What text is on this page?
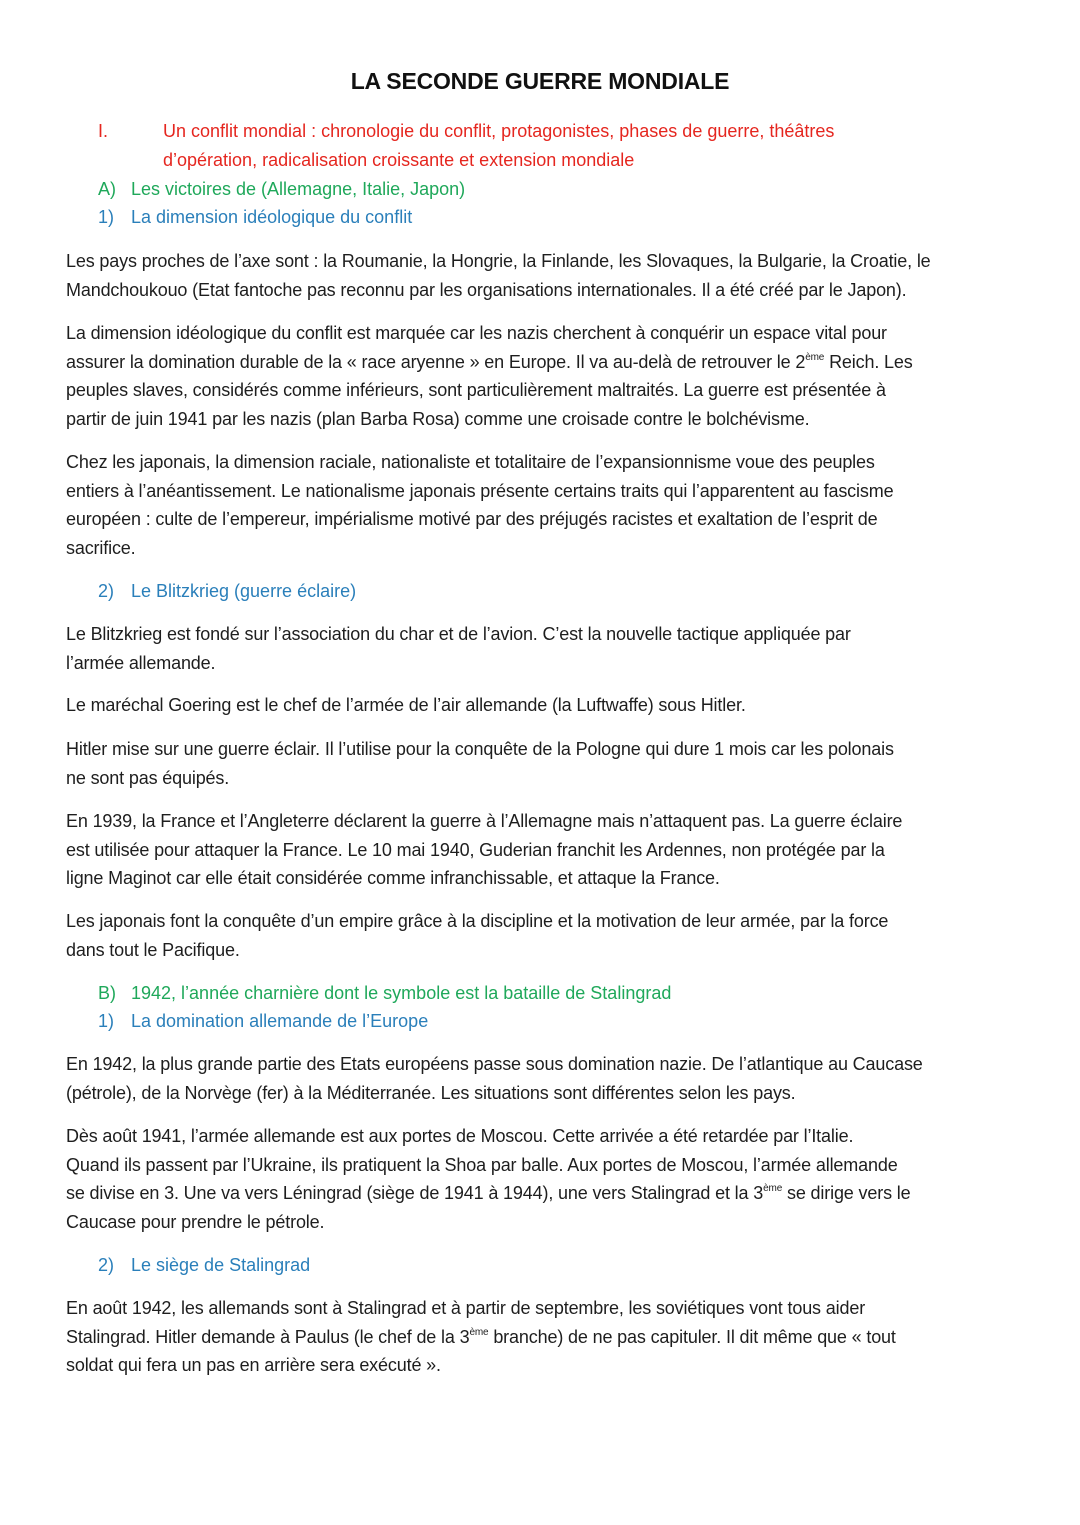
LA SECONDE GUERRE MONDIALE
I.	Un conflit mondial : chronologie du conflit, protagonistes, phases de guerre, théâtres
d’opération, radicalisation croissante et extension mondiale
A) Les victoires de (Allemagne, Italie, Japon)
1) La dimension idéologique du conflit
Les pays proches de l’axe sont : la Roumanie, la Hongrie, la Finlande, les Slovaques, la Bulgarie, la Croatie, le
Mandchoukouo (Etat fantoche pas reconnu par les organisations internationales. Il a été créé par le Japon).
La dimension idéologique du conflit est marquée car les nazis cherchent à conquérir un espace vital pour
assurer la domination durable de la « race aryenne » en Europe. Il va au-delà de retrouver le 2ème Reich. Les
peuples slaves, considérés comme inférieurs, sont particulièrement maltraités. La guerre est présentée à
partir de juin 1941 par les nazis (plan Barba Rosa) comme une croisade contre le bolchévisme.
Chez les japonais, la dimension raciale, nationaliste et totalitaire de l’expansionnisme voue des peuples
entiers à l’anéantissement. Le nationalisme japonais présente certains traits qui l’apparentent au fascisme
européen : culte de l’empereur, impérialisme motivé par des préjugés racistes et exaltation de l’esprit de
sacrifice.
2) Le Blitzkrieg (guerre éclaire)
Le Blitzkrieg est fondé sur l’association du char et de l’avion. C’est la nouvelle tactique appliquée par
l’armée allemande.
Le maréchal Goering est le chef de l’armée de l’air allemande (la Luftwaffe) sous Hitler.
Hitler mise sur une guerre éclair. Il l’utilise pour la conquête de la Pologne qui dure 1 mois car les polonais
ne sont pas équipés.
En 1939, la France et l’Angleterre déclarent la guerre à l’Allemagne mais n’attaquent pas. La guerre éclaire
est utilisée pour attaquer la France. Le 10 mai 1940, Guderian franchit les Ardennes, non protégée par la
ligne Maginot car elle était considérée comme infranchissable, et attaque la France.
Les japonais font la conquête d’un empire grâce à la discipline et la motivation de leur armée, par la force
dans tout le Pacifique.
B) 1942, l’année charnière dont le symbole est la bataille de Stalingrad
1) La domination allemande de l’Europe
En 1942, la plus grande partie des Etats européens passe sous domination nazie. De l’atlantique au Caucase
(pétrole), de la Norvège (fer) à la Méditerranée. Les situations sont différentes selon les pays.
Dès août 1941, l’armée allemande est aux portes de Moscou. Cette arrivée a été retardée par l’Italie.
Quand ils passent par l’Ukraine, ils pratiquent la Shoa par balle. Aux portes de Moscou, l’armée allemande
se divise en 3. Une va vers Léningrad (siège de 1941 à 1944), une vers Stalingrad et la 3ème se dirige vers le
Caucase pour prendre le pétrole.
2) Le siège de Stalingrad
En août 1942, les allemands sont à Stalingrad et à partir de septembre, les soviétiques vont tous aider
Stalingrad. Hitler demande à Paulus (le chef de la 3ème branche) de ne pas capituler. Il dit même que « tout
soldat qui fera un pas en arrière sera exécuté ».
